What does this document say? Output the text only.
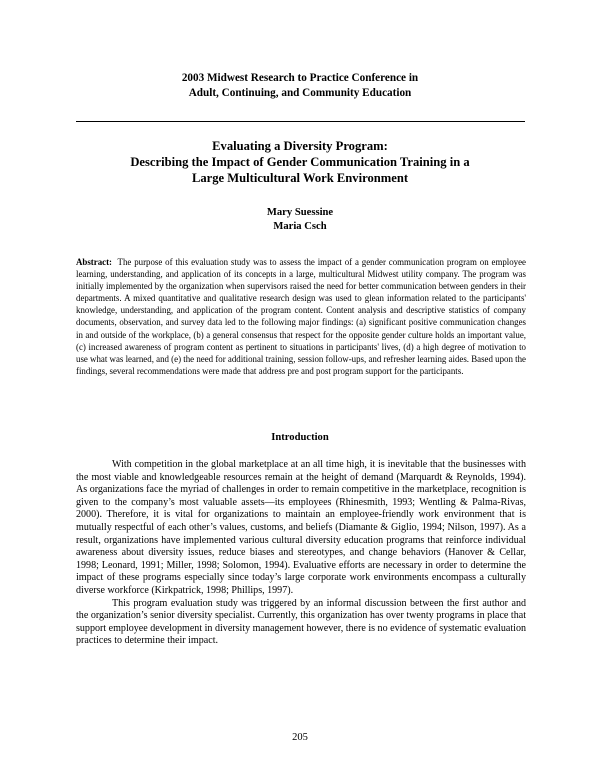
2003 Midwest Research to Practice Conference in
Adult, Continuing, and Community Education
Evaluating a Diversity Program:
Describing the Impact of Gender Communication Training in a
Large Multicultural Work Environment
Mary Suessine
Maria Csch
Abstract: The purpose of this evaluation study was to assess the impact of a gender communication program on employee learning, understanding, and application of its concepts in a large, multicultural Midwest utility company. The program was initially implemented by the organization when supervisors raised the need for better communication between genders in their departments. A mixed quantitative and qualitative research design was used to glean information related to the participants' knowledge, understanding, and application of the program content. Content analysis and descriptive statistics of company documents, observation, and survey data led to the following major findings: (a) significant positive communication changes in and outside of the workplace, (b) a general consensus that respect for the opposite gender culture holds an important value, (c) increased awareness of program content as pertinent to situations in participants' lives, (d) a high degree of motivation to use what was learned, and (e) the need for additional training, session follow-ups, and refresher learning aides. Based upon the findings, several recommendations were made that address pre and post program support for the participants.
Introduction

With competition in the global marketplace at an all time high, it is inevitable that the businesses with the most viable and knowledgeable resources remain at the height of demand (Marquardt & Reynolds, 1994). As organizations face the myriad of challenges in order to remain competitive in the marketplace, recognition is given to the company’s most valuable assets—its employees (Rhinesmith, 1993; Wentling & Palma-Rivas, 2000). Therefore, it is vital for organizations to maintain an employee-friendly work environment that is mutually respectful of each other’s values, customs, and beliefs (Diamante & Giglio, 1994; Nilson, 1997). As a result, organizations have implemented various cultural diversity education programs that reinforce individual awareness about diversity issues, reduce biases and stereotypes, and change behaviors (Hanover & Cellar, 1998; Leonard, 1991; Miller, 1998; Solomon, 1994). Evaluative efforts are necessary in order to determine the impact of these programs especially since today’s large corporate work environments encompass a culturally diverse workforce (Kirkpatrick, 1998; Phillips, 1997).

This program evaluation study was triggered by an informal discussion between the first author and the organization’s senior diversity specialist. Currently, this organization has over twenty programs in place that support employee development in diversity management however, there is no evidence of systematic evaluation practices to determine their impact.

205
